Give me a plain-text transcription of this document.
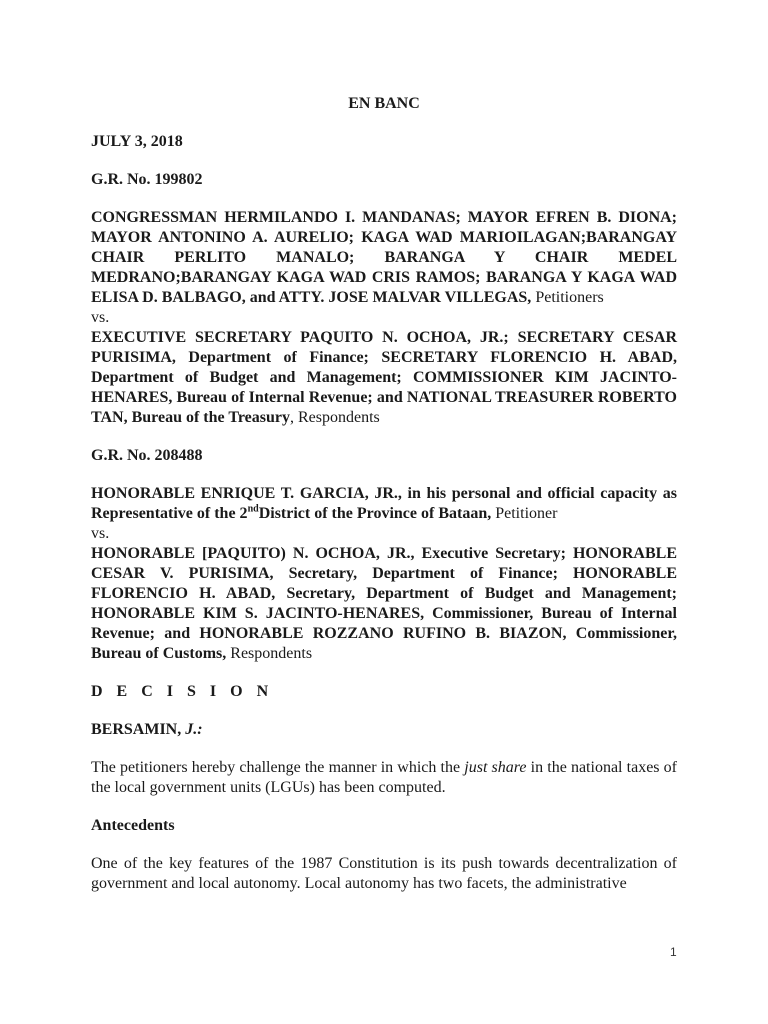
EN BANC

JULY 3, 2018

G.R. No. 199802

CONGRESSMAN HERMILANDO I. MANDANAS; MAYOR EFREN B. DIONA; MAYOR ANTONINO A. AURELIO; KAGA WAD MARIOILAGAN;BARANGAY CHAIR PERLITO MANALO; BARANGA Y CHAIR MEDEL MEDRANO;BARANGAY KAGA WAD CRIS RAMOS; BARANGA Y KAGA WAD ELISA D. BALBAGO, and ATTY. JOSE MALVAR VILLEGAS, Petitioners

vs.

EXECUTIVE SECRETARY PAQUITO N. OCHOA, JR.; SECRETARY CESAR PURISIMA, Department of Finance; SECRETARY FLORENCIO H. ABAD, Department of Budget and Management; COMMISSIONER KIM JACINTO-HENARES, Bureau of Internal Revenue; and NATIONAL TREASURER ROBERTO TAN, Bureau of the Treasury, Respondents

G.R. No. 208488

HONORABLE ENRIQUE T. GARCIA, JR., in his personal and official capacity as Representative of the 2ndDistrict of the Province of Bataan, Petitioner

vs.

HONORABLE [PAQUITO) N. OCHOA, JR., Executive Secretary; HONORABLE CESAR V. PURISIMA, Secretary, Department of Finance; HONORABLE FLORENCIO H. ABAD, Secretary, Department of Budget and Management; HONORABLE KIM S. JACINTO-HENARES, Commissioner, Bureau of Internal Revenue; and HONORABLE ROZZANO RUFINO B. BIAZON, Commissioner, Bureau of Customs, Respondents

D E C I S I O N

BERSAMIN, J.:

The petitioners hereby challenge the manner in which the just share in the national taxes of the local government units (LGUs) has been computed.

Antecedents

One of the key features of the 1987 Constitution is its push towards decentralization of government and local autonomy. Local autonomy has two facets, the administrative

1
